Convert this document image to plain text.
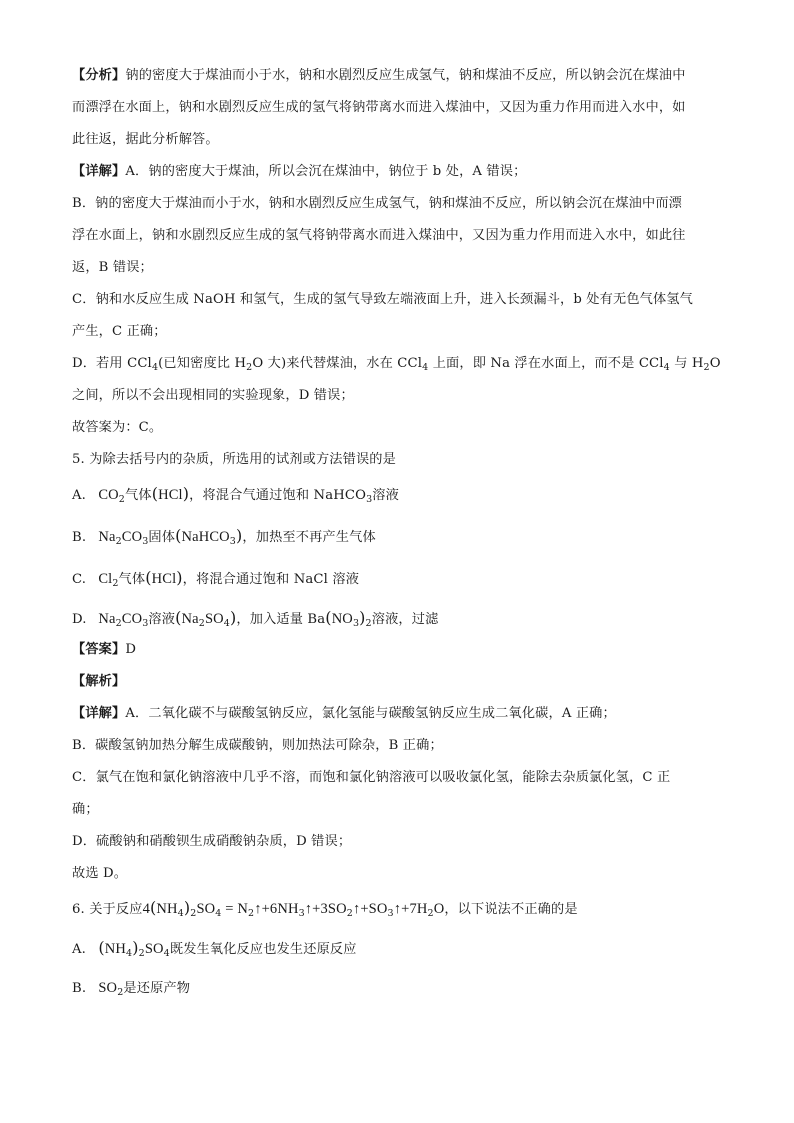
【分析】钠的密度大于煤油而小于水，钠和水剧烈反应生成氢气，钠和煤油不反应，所以钠会沉在煤油中
而漂浮在水面上，钠和水剧烈反应生成的氢气将钠带离水而进入煤油中，又因为重力作用而进入水中，如
此往返，据此分析解答。
【详解】A．钠的密度大于煤油，所以会沉在煤油中，钠位于 b 处，A 错误；
B．钠的密度大于煤油而小于水，钠和水剧烈反应生成氢气，钠和煤油不反应，所以钠会沉在煤油中而漂
浮在水面上，钠和水剧烈反应生成的氢气将钠带离水而进入煤油中，又因为重力作用而进入水中，如此往
返，B 错误；
C．钠和水反应生成 NaOH 和氢气，生成的氢气导致左端液面上升，进入长颈漏斗，b 处有无色气体氢气
产生，C 正确；
D．若用 CCl$_4$(已知密度比 $H_2O$ 大)来代替煤油，水在 CCl$_4$ 上面，即 Na 浮在水面上，而不是 CCl$_4$ 与 $H_2O$
之间，所以不会出现相同的实验现象，D 错误；
故答案为：C。
5. 为除去括号内的杂质，所选用的试剂或方法错误的是
A. $CO_2$气体(HCl)，将混合气通过饱和 NaHCO$_3$溶液
B. $Na_2CO_3$固体(NaHCO$_3$)，加热至不再产生气体
C. $Cl_2$气体(HCl)，将混合通过饱和 NaCl 溶液
D. $Na_2CO_3$溶液$(Na_2SO_4)$，加入适量 $Ba(NO_3)_2$溶液，过滤
【答案】D
【解析】
【详解】A．二氧化碳不与碳酸氢钠反应，氯化氢能与碳酸氢钠反应生成二氧化碳，A 正确；
B．碳酸氢钠加热分解生成碳酸钠，则加热法可除杂，B 正确；
C．氯气在饱和氯化钠溶液中几乎不溶，而饱和氯化钠溶液可以吸收氯化氢，能除去杂质氯化氢，C 正
确；
D．硫酸钠和硝酸钡生成硝酸钠杂质，D 错误；
故选 D。
6. 关于反应$4(NH_4)_2SO_4$ = $N_2↑+6NH_3↑+3SO_2↑+SO_3↑+7H_2O$，以下说法不正确的是
A. $(NH_4)_2SO_4$既发生氧化反应也发生还原反应
B. $SO_2$是还原产物
